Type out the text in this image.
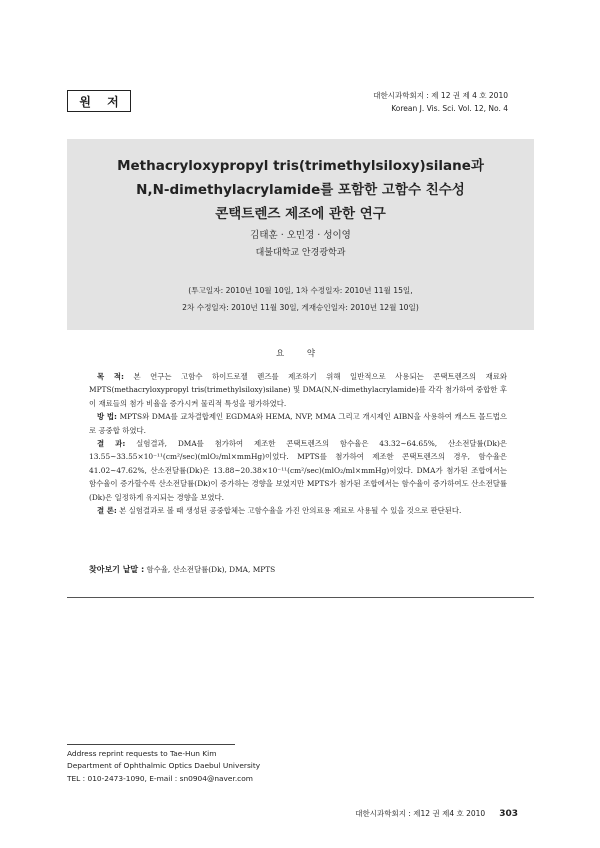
원 저	대한시과학회지 : 제 12 권 제 4 호 2010
Korean J. Vis. Sci. Vol. 12, No. 4
Methacryloxypropyl tris(trimethylsiloxy)silane과
N,N-dimethylacrylamide를 포함한 고함수 친수성
콘택트렌즈 제조에 관한 연구
김태훈 · 오민경 · 성이영
대불대학교 안경광학과
(투고일자: 2010년 10월 10일, 1차 수정일자: 2010년 11월 15일,
2차 수정일자: 2010년 11월 30일, 게재승인일자: 2010년 12월 10일)
요 약

목 적: 본 연구는 고함수 하이드로젤 렌즈를 제조하기 위해 일반적으로 사용되는 콘택트렌즈의 재료와 MPTS(methacryloxypropyl tris(trimethylsiloxy)silane) 및 DMA(N,N-dimethylacrylamide)를 각각 첨가하여 중합한 후 이 재료들의 첨가 비율을 증가시켜 물리적 특성을 평가하였다.

방 법: MPTS와 DMA를 교차결합제인 EGDMA와 HEMA, NVP, MMA 그리고 개시제인 AIBN을 사용하여 캐스트 몰드법으로 공중합 하였다.

결 과: 실험결과, DMA를 첨가하여 제조한 콘택트렌즈의 함수율은 43.32~64.65%, 산소전달률(Dk)은 13.55~33.55×10⁻¹¹(cm²/sec)(mlO₂/ml×mmHg)이었다. MPTS를 첨가하여 제조한 콘택트렌즈의 경우, 함수율은 41.02~47.62%, 산소전달률(Dk)은 13.88~20.38×10⁻¹¹(cm²/sec)(mlO₂/ml×mmHg)이었다. DMA가 첨가된 조합에서는 함수율이 증가할수록 산소전달률(Dk)이 증가하는 경향을 보였지만 MPTS가 첨가된 조합에서는 함수율이 증가하여도 산소전달률(Dk)은 일정하게 유지되는 경향을 보였다.

결 론: 본 실험결과로 볼 때 생성된 공중합체는 고함수율을 가진 안의료용 재료로 사용될 수 있을 것으로 판단된다.

찾아보기 낱말 : 함수율, 산소전달률(Dk), DMA, MPTS
Address reprint requests to Tae-Hun Kim
Department of Ophthalmic Optics Daebul University
TEL : 010-2473-1090, E-mail : sn0904@naver.com
대한시과학회지 : 제12 권 제4 호 2010 303
